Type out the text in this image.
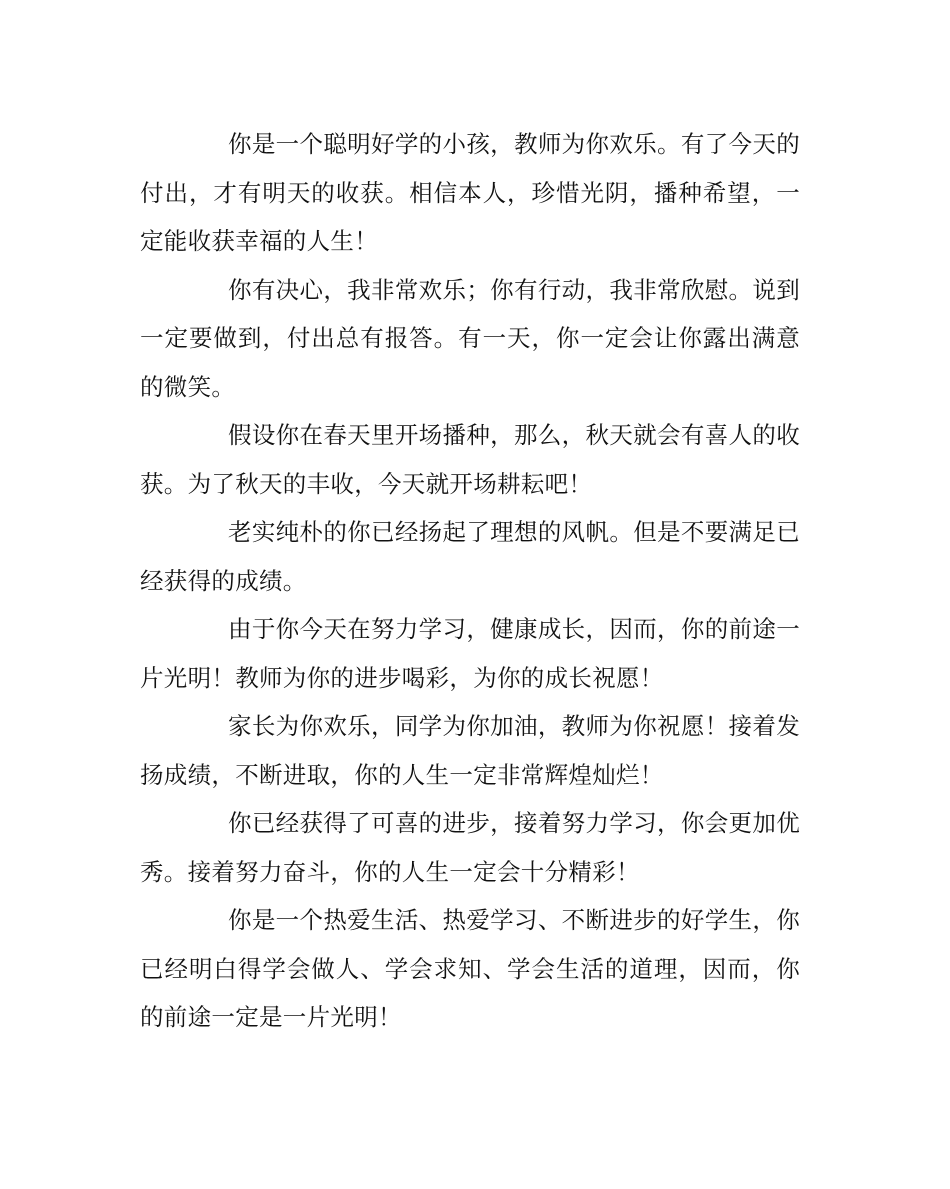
你是一个聪明好学的小孩，教师为你欢乐。有了今天的付出，才有明天的收获。相信本人，珍惜光阴，播种希望，一定能收获幸福的人生！

你有决心，我非常欢乐；你有行动，我非常欣慰。说到一定要做到，付出总有报答。有一天，你一定会让你露出满意的微笑。

假设你在春天里开场播种，那么，秋天就会有喜人的收获。为了秋天的丰收，今天就开场耕耘吧！

老实纯朴的你已经扬起了理想的风帆。但是不要满足已经获得的成绩。

由于你今天在努力学习，健康成长，因而，你的前途一片光明！教师为你的进步喝彩，为你的成长祝愿！

家长为你欢乐，同学为你加油，教师为你祝愿！接着发扬成绩，不断进取，你的人生一定非常辉煌灿烂！

你已经获得了可喜的进步，接着努力学习，你会更加优秀。接着努力奋斗，你的人生一定会十分精彩！

你是一个热爱生活、热爱学习、不断进步的好学生，你已经明白得学会做人、学会求知、学会生活的道理，因而，你的前途一定是一片光明！
